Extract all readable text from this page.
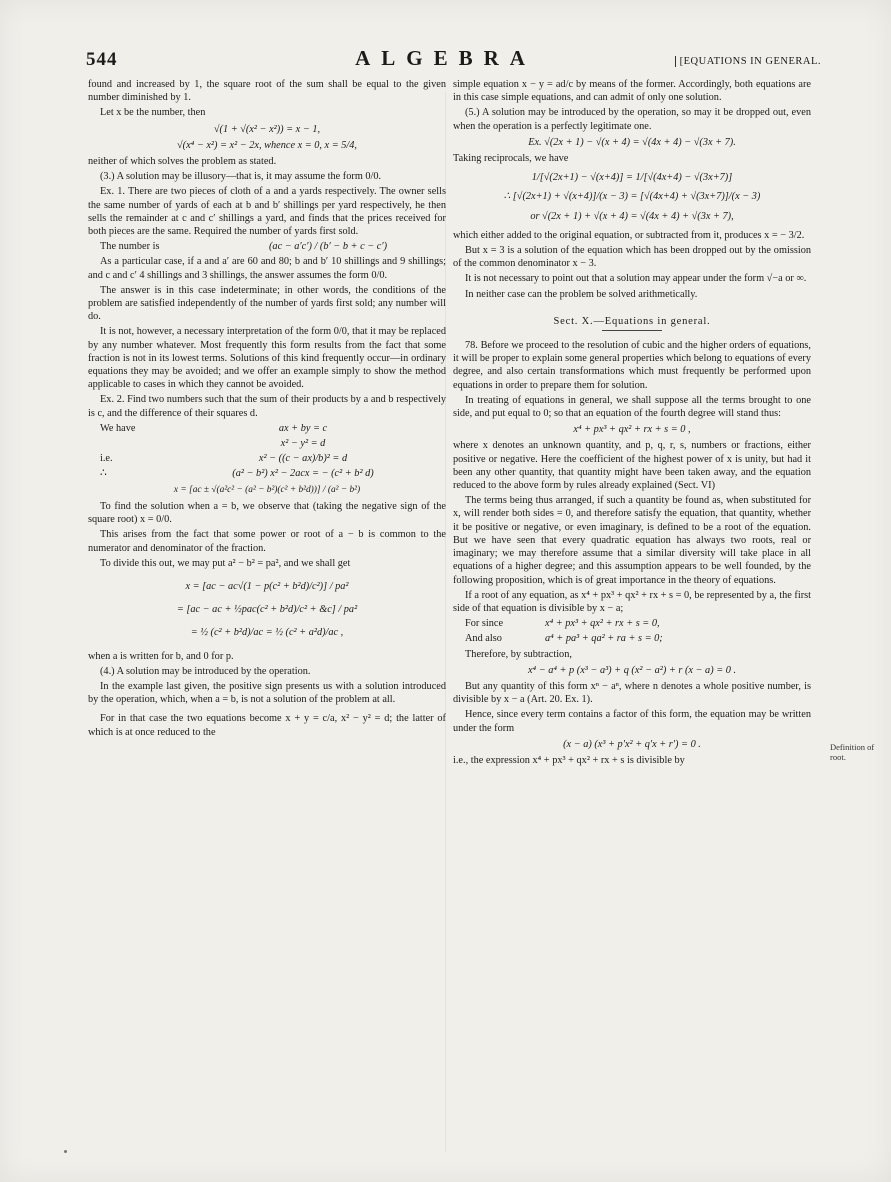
544	ALGEBRA	[EQUATIONS IN GENERAL.

found and increased by 1, the square root of the sum shall be equal to the given number diminished by 1.

Let x be the number, then

√(1 + √(x² − x²)) = x − 1,
√(x⁴ − x²) = x² − 2x, whence x = 0, x = 5/4,

neither of which solves the problem as stated.

(3.) A solution may be illusory—that is, it may assume the form 0/0.

Ex. 1. There are two pieces of cloth of a and a yards respectively. The owner sells the same number of yards of each at b and b′ shillings per yard respectively, he then sells the remainder at c and c′ shillings a yard, and finds that the prices received for both pieces are the same. Required the number of yards first sold.

The number is	(ac − a′c′) / (b′ − b + c − c′)

As a particular case, if a and a′ are 60 and 80; b and b′ 10 shillings and 9 shillings; and c and c′ 4 shillings and 3 shillings, the answer assumes the form 0/0.

The answer is in this case indeterminate; in other words, the conditions of the problem are satisfied independently of the number of yards first sold; any number will do.

It is not, however, a necessary interpretation of the form 0/0, that it may be replaced by any number whatever. Most frequently this form results from the fact that some fraction is not in its lowest terms. Solutions of this kind frequently occur—in ordinary equations they may be avoided; and we offer an example simply to show the method applicable to cases in which they cannot be avoided.

Ex. 2. Find two numbers such that the sum of their products by a and b respectively is c, and the difference of their squares d.

We have	ax + by = c
x² − y² = d
i.e.	x² − ((c − ax)/b)² = d
∴	(a² − b²) x² − 2acx = − (c² + b² d)
x = [ac ± √(a²c² − (a² − b²)(c² + b²d))] / (a² − b²)

To find the solution when a = b, we observe that (taking the negative sign of the square root) x = 0/0.

This arises from the fact that some power or root of a − b is common to the numerator and denominator of the fraction.

To divide this out, we may put a² − b² = pa², and we shall get

x = [ac − ac√(1 − p(c² + b²d)/c²)] / pa²
= [ac − ac + ½pac(c² + b²d)/c² + &c] / pa²
= ½ (c² + b²d)/ac = ½ (c² + a²d)/ac ,

when a is written for b, and 0 for p.

(4.) A solution may be introduced by the operation.

In the example last given, the positive sign presents us with a solution introduced by the operation, which, when a = b, is not a solution of the problem at all.

For in that case the two equations become x + y = c/a, x² − y² = d; the latter of which is at once reduced to the

simple equation x − y = ad/c by means of the former. Accordingly, both equations are in this case simple equations, and can admit of only one solution.

(5.) A solution may be introduced by the operation, so may it be dropped out, even when the operation is a perfectly legitimate one.

Ex. √(2x + 1) − √(x + 4) = √(4x + 4) − √(3x + 7).

Taking reciprocals, we have

1/[√(2x+1) − √(x+4)] = 1/[√(4x+4) − √(3x+7)]
∴ [√(2x+1) + √(x+4)]/(x − 3) = [√(4x+4) + √(3x+7)]/(x − 3)
or √(2x + 1) + √(x + 4) = √(4x + 4) + √(3x + 7),

which either added to the original equation, or subtracted from it, produces x = − 3/2.

But x = 3 is a solution of the equation which has been dropped out by the omission of the common denominator x − 3.

It is not necessary to point out that a solution may appear under the form √−a or ∞.

In neither case can the problem be solved arithmetically.

Sect. X.—Equations in general.

78. Before we proceed to the resolution of cubic and the higher orders of equations, it will be proper to explain some general properties which belong to equations of every degree, and also certain transformations which must frequently be performed upon equations in order to prepare them for solution.

In treating of equations in general, we shall suppose all the terms brought to one side, and put equal to 0; so that an equation of the fourth degree will stand thus:

x⁴ + px³ + qx² + rx + s = 0 ,

where x denotes an unknown quantity, and p, q, r, s, numbers or fractions, either positive or negative. Here the coefficient of the highest power of x is unity, but had it been any other quantity, that quantity might have been taken away, and the equation reduced to the above form by rules already explained (Sect. VI)

The terms being thus arranged, if such a quantity be found as, when substituted for x, will render both sides = 0, and therefore satisfy the equation, that quantity, whether it be positive or negative, or even imaginary, is defined to be a root of the equation. But we have seen that every quadratic equation has always two roots, real or imaginary; we may therefore assume that a similar diversity will take place in all equations of a higher degree; and this assumption appears to be well founded, by the following proposition, which is of great importance in the theory of equations.

If a root of any equation, as x⁴ + px³ + qx² + rx + s = 0, be represented by a, the first side of that equation is divisible by x − a;

For since	x⁴ + px³ + qx² + rx + s = 0,
And also	a⁴ + pa³ + qa² + ra + s = 0;

Therefore, by subtraction,

x⁴ − a⁴ + p (x³ − a³) + q (x² − a²) + r (x − a) = 0 .

But any quantity of this form xⁿ − aⁿ, where n denotes a whole positive number, is divisible by x − a (Art. 20. Ex. 1).

Hence, since every term contains a factor of this form, the equation may be written under the form

(x − a) (x³ + p′x² + q′x + r′) = 0 .

i.e., the expression x⁴ + px³ + qx² + rx + s is divisible by

Definition of root.
